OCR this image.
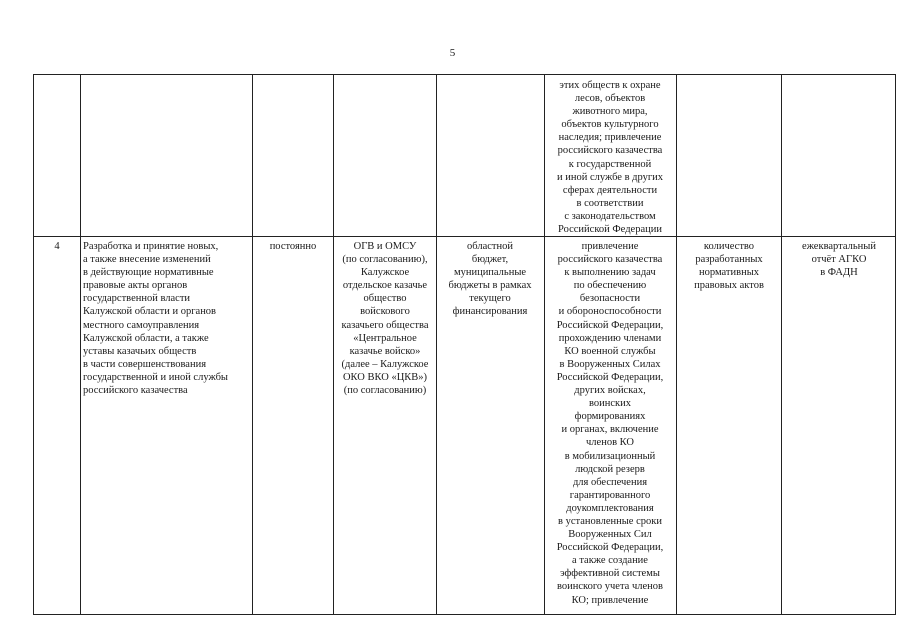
5
этих обществ к охране
лесов, объектов
животного мира,
объектов культурного
наследия; привлечение
российского казачества
к государственной
и иной службе в других
сферах деятельности
в соответствии
с законодательством
Российской Федерации
4	Разработка и принятие новых,
а также внесение изменений
в действующие нормативные
правовые акты органов
государственной власти
Калужской области и органов
местного самоуправления
Калужской области, а также
уставы казачьих обществ
в части совершенствования
государственной и иной службы
российского казачества
постоянно	ОГВ и ОМСУ
(по согласованию),
Калужское
отдельское казачье
общество
войскового
казачьего общества
«Центральное
казачье войско»
(далее – Калужское
ОКО ВКО «ЦКВ»)
(по согласованию)
областной
бюджет,
муниципальные
бюджеты в рамках
текущего
финансирования
привлечение
российского казачества
к выполнению задач
по обеспечению
безопасности
и обороноспособности
Российской Федерации,
прохождению членами
КО военной службы
в Вооруженных Силах
Российской Федерации,
других войсках,
воинских
формированиях
и органах, включение
членов КО
в мобилизационный
людской резерв
для обеспечения
гарантированного
доукомплектования
в установленные сроки
Вооруженных Сил
Российской Федерации,
а также создание
эффективной системы
воинского учета членов
КО; привлечение
количество
разработанных
нормативных
правовых актов
ежеквартальный
отчёт АГКО
в ФАДН
